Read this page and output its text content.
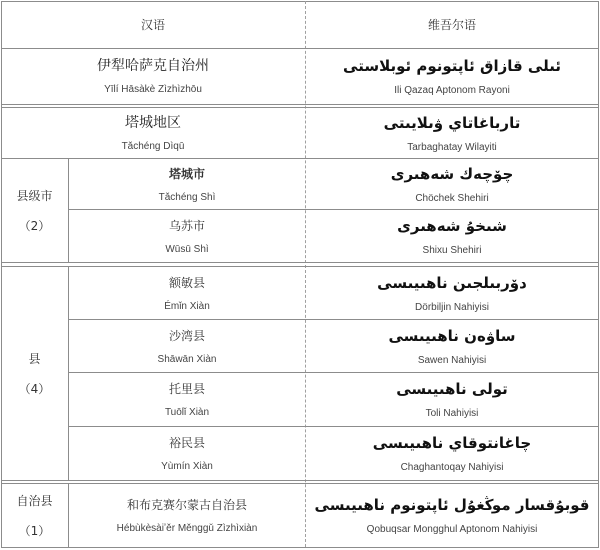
汉语	维吾尔语
伊犁哈萨克自治州
Yīlí Hāsàkè Zìzhìzhōu
ئىلى قازاق ئاپتونوم ئوبلاستى
Ili Qazaq Aptonom Rayoni
塔城地区
Tǎchéng Dìqū
تارباغاتاي ۋىلايىتى
Tarbaghatay Wilayiti
县级市
（2）
塔城市
Tǎchéng Shì
چۆچەك شەھىرى
Chöchek Shehiri
乌苏市
Wūsū Shì
شىخۇ شەھىرى
Shixu Shehiri
县
（4）
额敏县
Émǐn Xiàn
دۆربىلجىن ناھىيىسى
Dörbiljin Nahiyisi
沙湾县
Shāwān Xiàn
ساۋەن ناھىيىسى
Sawen Nahiyisi
托里县
Tuōlǐ Xiàn
تولى ناھىيىسى
Toli Nahiyisi
裕民县
Yùmín Xiàn
چاغانتوقاي ناھىيىسى
Chaghantoqay Nahiyisi
自治县
（1）
和布克赛尔蒙古自治县
Hébùkèsàiʼěr Měnggǔ Zìzhìxiàn
قوبۇقسار موڭغۇل ئاپتونوم ناھىيىسى
Qobuqsar Mongghul Aptonom Nahiyisi
